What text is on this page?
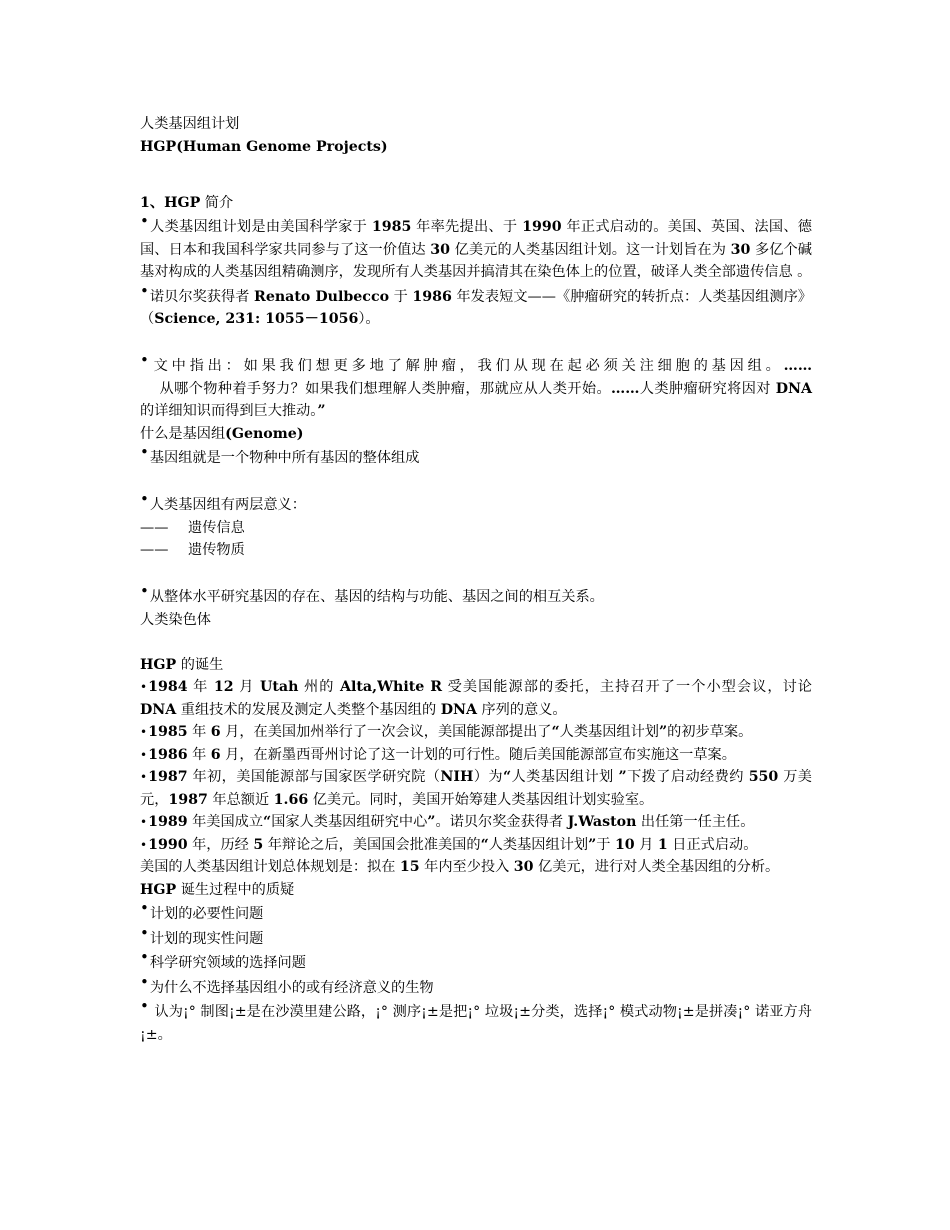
人类基因组计划
HGP(Human Genome Projects)
1、HGP 简介
•人类基因组计划是由美国科学家于 1985 年率先提出、于 1990 年正式启动的。美国、英国、法国、德国、日本和我国科学家共同参与了这一价值达 30 亿美元的人类基因组计划。这一计划旨在为 30 多亿个碱基对构成的人类基因组精确测序，发现所有人类基因并搞清其在染色体上的位置，破译人类全部遗传信息 。
•诺贝尔奖获得者 Renato Dulbecco 于 1986 年发表短文——《肿瘤研究的转折点：人类基因组测序》（Science, 231: 1055－1056）。
•文中指出：如果我们想更多地了解肿瘤，我们从现在起必须关注细胞的基因组。……    从哪个物种着手努力？如果我们想理解人类肿瘤，那就应从人类开始。……人类肿瘤研究将因对 DNA 的详细知识而得到巨大推动。”
什么是基因组(Genome)
•基因组就是一个物种中所有基因的整体组成
•人类基因组有两层意义：
—— 遗传信息
—— 遗传物质
•从整体水平研究基因的存在、基因的结构与功能、基因之间的相互关系。
人类染色体
HGP 的诞生
•1984 年 12 月 Utah 州的 Alta,White R 受美国能源部的委托，主持召开了一个小型会议，讨论 DNA 重组技术的发展及测定人类整个基因组的 DNA 序列的意义。
•1985 年 6 月，在美国加州举行了一次会议，美国能源部提出了“人类基因组计划”的初步草案。
•1986 年 6 月，在新墨西哥州讨论了这一计划的可行性。随后美国能源部宣布实施这一草案。
•1987 年初，美国能源部与国家医学研究院（NIH）为“人类基因组计划 ”下拨了启动经费约 550 万美元，1987 年总额近 1.66 亿美元。同时，美国开始筹建人类基因组计划实验室。
•1989 年美国成立“国家人类基因组研究中心”。诺贝尔奖金获得者 J.Waston 出任第一任主任。
•1990 年，历经 5 年辩论之后，美国国会批准美国的“人类基因组计划”于 10 月 1 日正式启动。
美国的人类基因组计划总体规划是：拟在 15 年内至少投入 30 亿美元，进行对人类全基因组的分析。
HGP 诞生过程中的质疑
•计划的必要性问题
•计划的现实性问题
•科学研究领域的选择问题
•为什么不选择基因组小的或有经济意义的生物
• 认为¡° 制图¡±是在沙漠里建公路，¡° 测序¡±是把¡° 垃圾¡±分类，选择¡° 模式动物¡±是拼凑¡° 诺亚方舟¡±。
